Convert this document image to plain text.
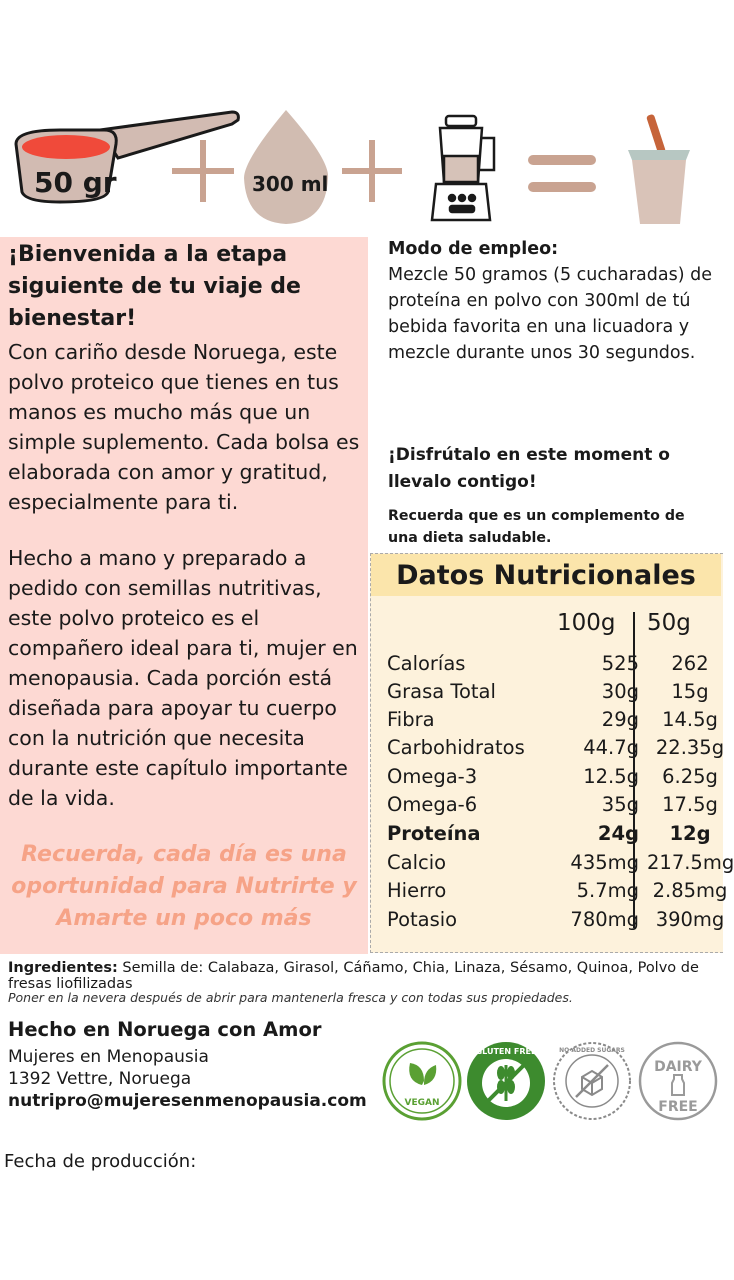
50 gr	300 ml
¡Bienvenida a la etapa siguiente de tu viaje de bienestar!
Con cariño desde Noruega, este polvo proteico que tienes en tus manos es mucho más que un simple suplemento. Cada bolsa es elaborada con amor y gratitud, especialmente para ti.
Hecho a mano y preparado a pedido con semillas nutritivas, este polvo proteico es el compañero ideal para ti, mujer en menopausia. Cada porción está diseñada para apoyar tu cuerpo con la nutrición que necesita durante este capítulo importante de la vida.
Recuerda, cada día es una oportunidad para Nutrirte y Amarte un poco más
Modo de empleo:
Mezcle 50 gramos (5 cucharadas) de proteína en polvo con 300ml de tú bebida favorita en una licuadora y mezcle durante unos 30 segundos.
¡Disfrútalo en este moment o llevalo contigo!
Recuerda que es un complemento de una dieta saludable.
Datos Nutricionales
100g 50g
Calorías	525	262
Grasa Total	30g	15g
Fibra	29g	14.5g
Carbohidratos	44.7g 22.35g
Omega-3	12.5g	6.25g
Omega-6	35g	17.5g
Proteína	24g	12g
Calcio	435mg 217.5mg
Hierro	5.7mg 2.85mg
Potasio	780mg 390mg
Ingredientes: Semilla de: Calabaza, Girasol, Cáñamo, Chia, Linaza, Sésamo, Quinoa, Polvo de fresas liofilizadas
Poner en la nevera después de abrir para mantenerla fresca y con todas sus propiedades.
Hecho en Noruega con Amor
Mujeres en Menopausia
1392 Vettre, Noruega
nutripro@mujeresenmenopausia.com	VEGAN
GLUTEN FREE	NO ADDED SUGARS
DAIRY
FREE
Fecha de producción:
